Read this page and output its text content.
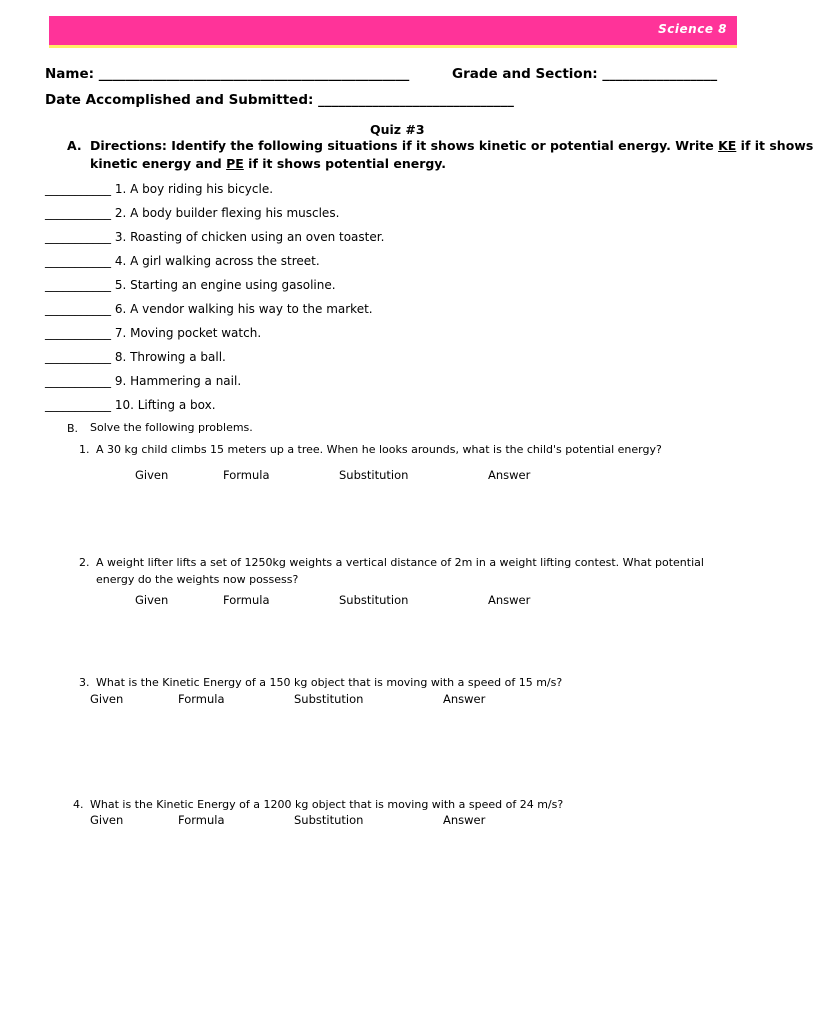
Science 8
Name: ______________________________________________	Grade and Section: _________________
Date Accomplished and Submitted: _____________________________
Quiz #3
A. Directions: Identify the following situations if it shows kinetic or potential energy. Write KE if it shows
kinetic energy and PE if it shows potential energy.
___________ 1. A boy riding his bicycle.
___________ 2. A body builder flexing his muscles.
___________ 3. Roasting of chicken using an oven toaster.
___________ 4. A girl walking across the street.
___________ 5. Starting an engine using gasoline.
___________ 6. A vendor walking his way to the market.
___________ 7. Moving pocket watch.
___________ 8. Throwing a ball.
___________ 9. Hammering a nail.
___________ 10. Lifting a box.
B. Solve the following problems.
1. A 30 kg child climbs 15 meters up a tree. When he looks arounds, what is the child's potential energy?
Given	Formula	Substitution	Answer
2. A weight lifter lifts a set of 1250kg weights a vertical distance of 2m in a weight lifting contest. What potential
energy do the weights now possess?
Given	Formula	Substitution	Answer
3. What is the Kinetic Energy of a 150 kg object that is moving with a speed of 15 m/s?
Given	Formula	Substitution	Answer
4. What is the Kinetic Energy of a 1200 kg object that is moving with a speed of 24 m/s?
Given	Formula	Substitution	Answer
